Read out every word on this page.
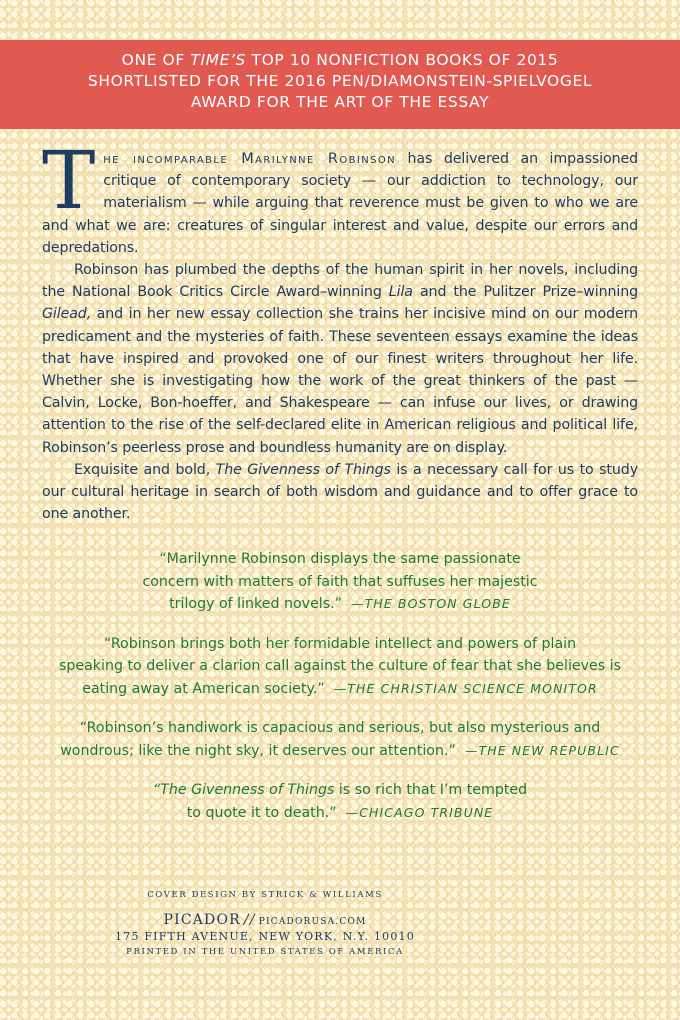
ONE OF TIME’S TOP 10 NONFICTION BOOKS OF 2015
SHORTLISTED FOR THE 2016 PEN/DIAMONSTEIN-SPIELVOGEL
AWARD FOR THE ART OF THE ESSAY

The incomparable Marilynne Robinson has delivered an impassioned critique of contemporary society — our addiction to technology, our materialism — while arguing that reverence must be given to who we are and what we are: creatures of singular interest and value, despite our errors and depredations.

Robinson has plumbed the depths of the human spirit in her novels, including the National Book Critics Circle Award–winning Lila and the Pulitzer Prize–winning Gilead, and in her new essay collection she trains her incisive mind on our modern predicament and the mysteries of faith. These seventeen essays examine the ideas that have inspired and provoked one of our finest writers throughout her life. Whether she is investigating how the work of the great thinkers of the past — Calvin, Locke, Bon-hoeffer, and Shakespeare — can infuse our lives, or drawing attention to the rise of the self-declared elite in American religious and political life, Robinson’s peerless prose and boundless humanity are on display.

Exquisite and bold, The Givenness of Things is a necessary call for us to study our cultural heritage in search of both wisdom and guidance and to offer grace to one another.

“Marilynne Robinson displays the same passionate
concern with matters of faith that suffuses her majestic
trilogy of linked novels.” —THE BOSTON GLOBE
“Robinson brings both her formidable intellect and powers of plain
speaking to deliver a clarion call against the culture of fear that she believes is
eating away at American society.” —THE CHRISTIAN SCIENCE MONITOR
“Robinson’s handiwork is capacious and serious, but also mysterious and
wondrous; like the night sky, it deserves our attention.” —THE NEW REPUBLIC
“The Givenness of Things is so rich that I’m tempted
to quote it to death.” —CHICAGO TRIBUNE
COVER DESIGN BY STRICK & WILLIAMS
PICADOR // PICADORUSA.COM
175 FIFTH AVENUE, NEW YORK, N.Y. 10010
PRINTED IN THE UNITED STATES OF AMERICA
